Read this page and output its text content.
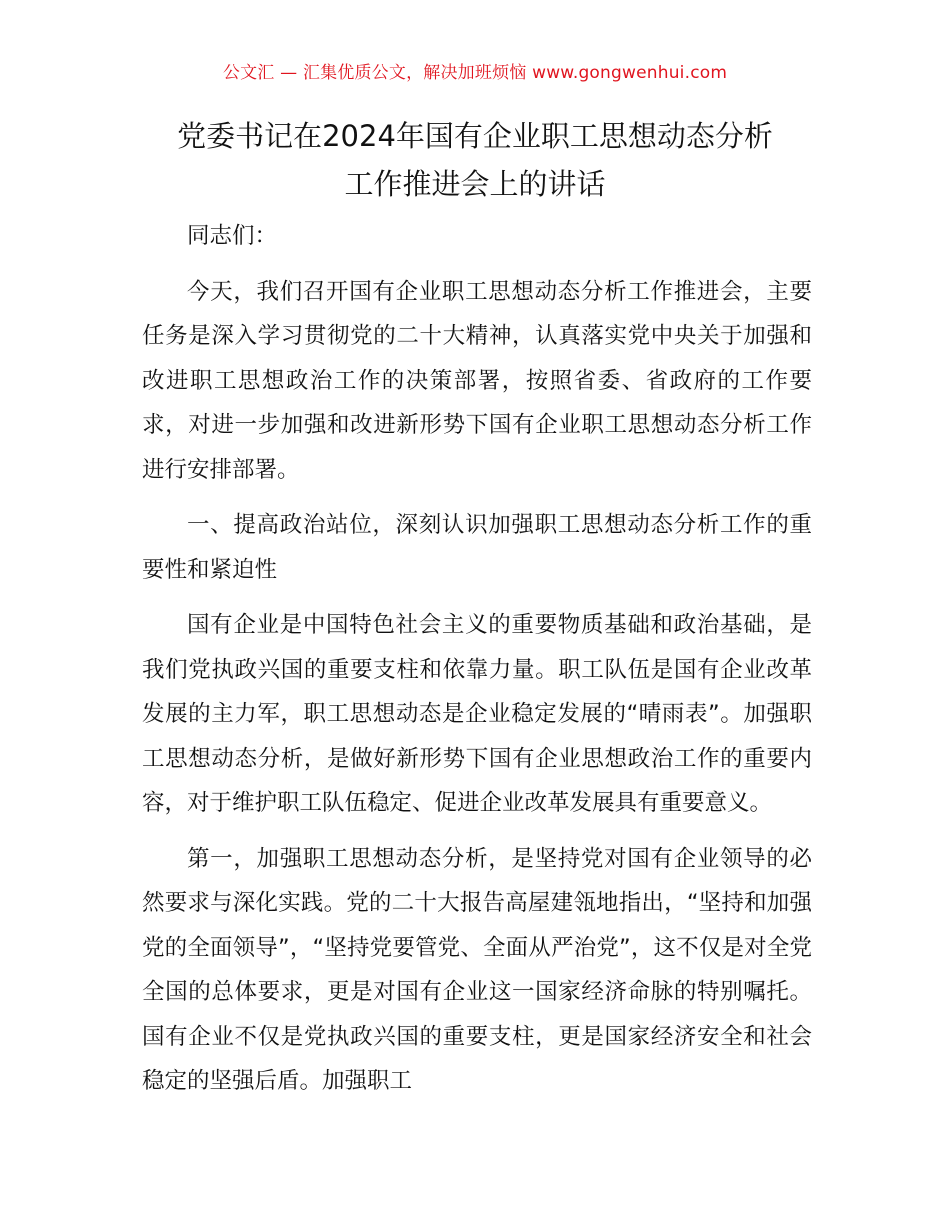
公文汇 — 汇集优质公文，解决加班烦恼 www.gongwenhui.com
党委书记在2024年国有企业职工思想动态分析
工作推进会上的讲话

同志们：

今天，我们召开国有企业职工思想动态分析工作推进会，主要任务是深入学习贯彻党的二十大精神，认真落实党中央关于加强和改进职工思想政治工作的决策部署，按照省委、省政府的工作要求，对进一步加强和改进新形势下国有企业职工思想动态分析工作进行安排部署。

一、提高政治站位，深刻认识加强职工思想动态分析工作的重要性和紧迫性

国有企业是中国特色社会主义的重要物质基础和政治基础，是我们党执政兴国的重要支柱和依靠力量。职工队伍是国有企业改革发展的主力军，职工思想动态是企业稳定发展的“晴雨表”。加强职工思想动态分析，是做好新形势下国有企业思想政治工作的重要内容，对于维护职工队伍稳定、促进企业改革发展具有重要意义。

第一，加强职工思想动态分析，是坚持党对国有企业领导的必然要求与深化实践。党的二十大报告高屋建瓴地指出，“坚持和加强党的全面领导”，“坚持党要管党、全面从严治党”，这不仅是对全党全国的总体要求，更是对国有企业这一国家经济命脉的特别嘱托。国有企业不仅是党执政兴国的重要支柱，更是国家经济安全和社会稳定的坚强后盾。加强职工
